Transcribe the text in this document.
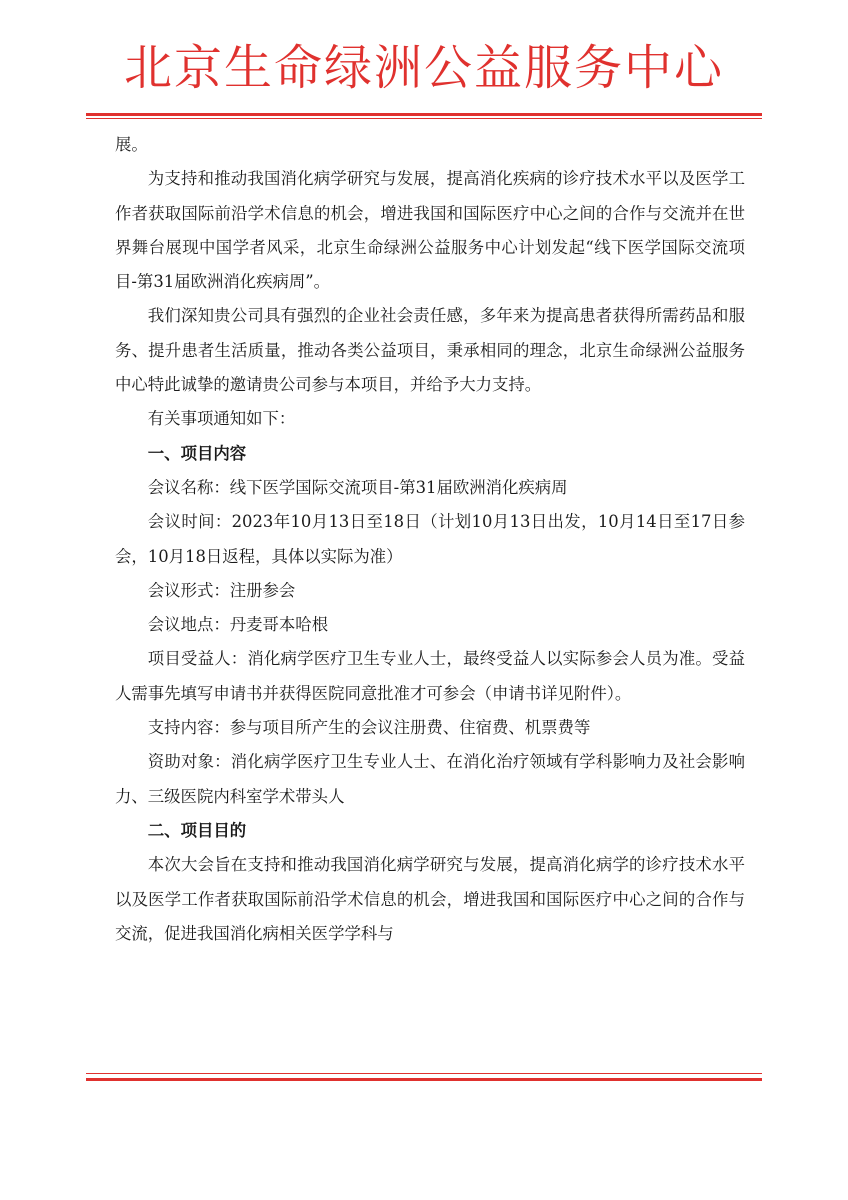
北京生命绿洲公益服务中心

展。

为支持和推动我国消化病学研究与发展，提高消化疾病的诊疗技术水平以及医学工作者获取国际前沿学术信息的机会，增进我国和国际医疗中心之间的合作与交流并在世界舞台展现中国学者风采，北京生命绿洲公益服务中心计划发起“线下医学国际交流项目-第31届欧洲消化疾病周”。

我们深知贵公司具有强烈的企业社会责任感，多年来为提高患者获得所需药品和服务、提升患者生活质量，推动各类公益项目，秉承相同的理念，北京生命绿洲公益服务中心特此诚挚的邀请贵公司参与本项目，并给予大力支持。

有关事项通知如下：

一、项目内容

会议名称：线下医学国际交流项目-第31届欧洲消化疾病周

会议时间：2023年10月13日至18日（计划10月13日出发，10月14日至17日参会，10月18日返程，具体以实际为准）

会议形式：注册参会

会议地点：丹麦哥本哈根

项目受益人：消化病学医疗卫生专业人士，最终受益人以实际参会人员为准。受益人需事先填写申请书并获得医院同意批准才可参会（申请书详见附件）。

支持内容：参与项目所产生的会议注册费、住宿费、机票费等

资助对象：消化病学医疗卫生专业人士、在消化治疗领域有学科影响力及社会影响力、三级医院内科室学术带头人

二、项目目的

本次大会旨在支持和推动我国消化病学研究与发展，提高消化病学的诊疗技术水平以及医学工作者获取国际前沿学术信息的机会，增进我国和国际医疗中心之间的合作与交流，促进我国消化病相关医学学科与
